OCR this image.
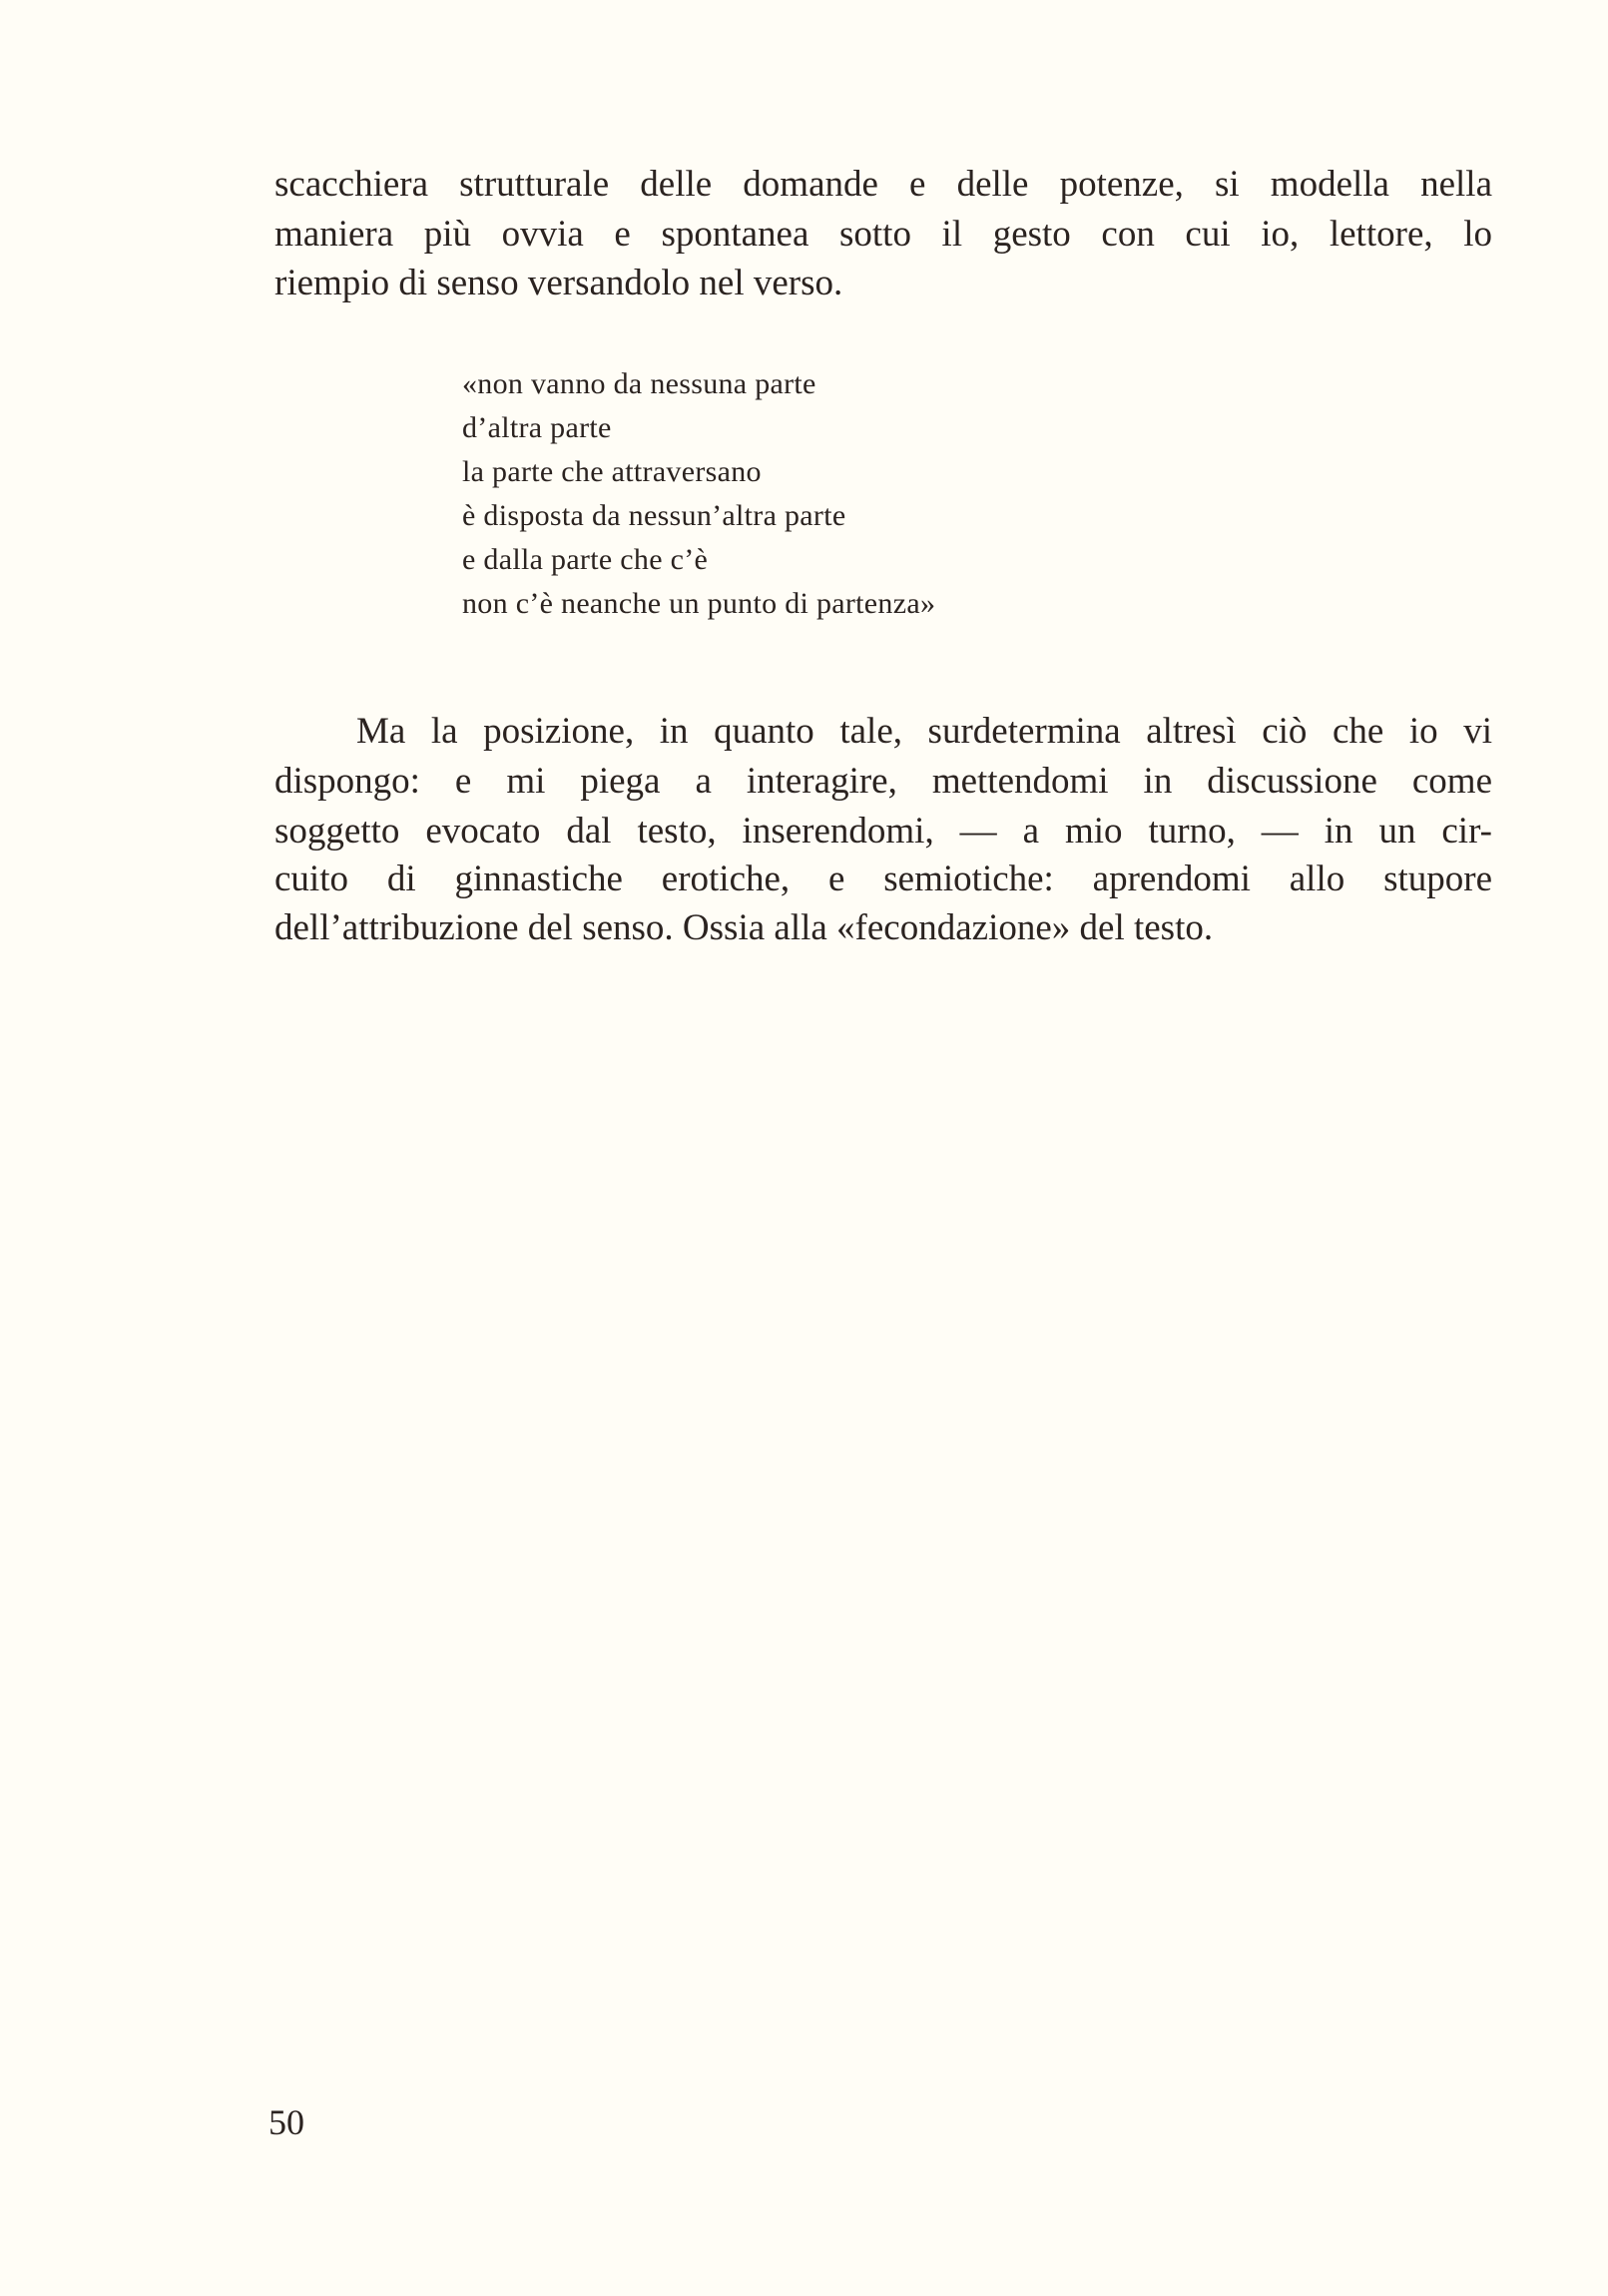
scacchiera strutturale delle domande e delle potenze, si modella nella
maniera più ovvia e spontanea sotto il gesto con cui io, lettore, lo
riempio di senso versandolo nel verso.
«non vanno da nessuna parte
d’altra parte
la parte che attraversano
è disposta da nessun’altra parte
e dalla parte che c’è
non c’è neanche un punto di partenza»
Ma la posizione, in quanto tale, surdetermina altresì ciò che io vi
dispongo: e mi piega a interagire, mettendomi in discussione come
soggetto evocato dal testo, inserendomi, — a mio turno, — in un cir-
cuito di ginnastiche erotiche, e semiotiche: aprendomi allo stupore
dell’attribuzione del senso. Ossia alla «fecondazione» del testo.
50
